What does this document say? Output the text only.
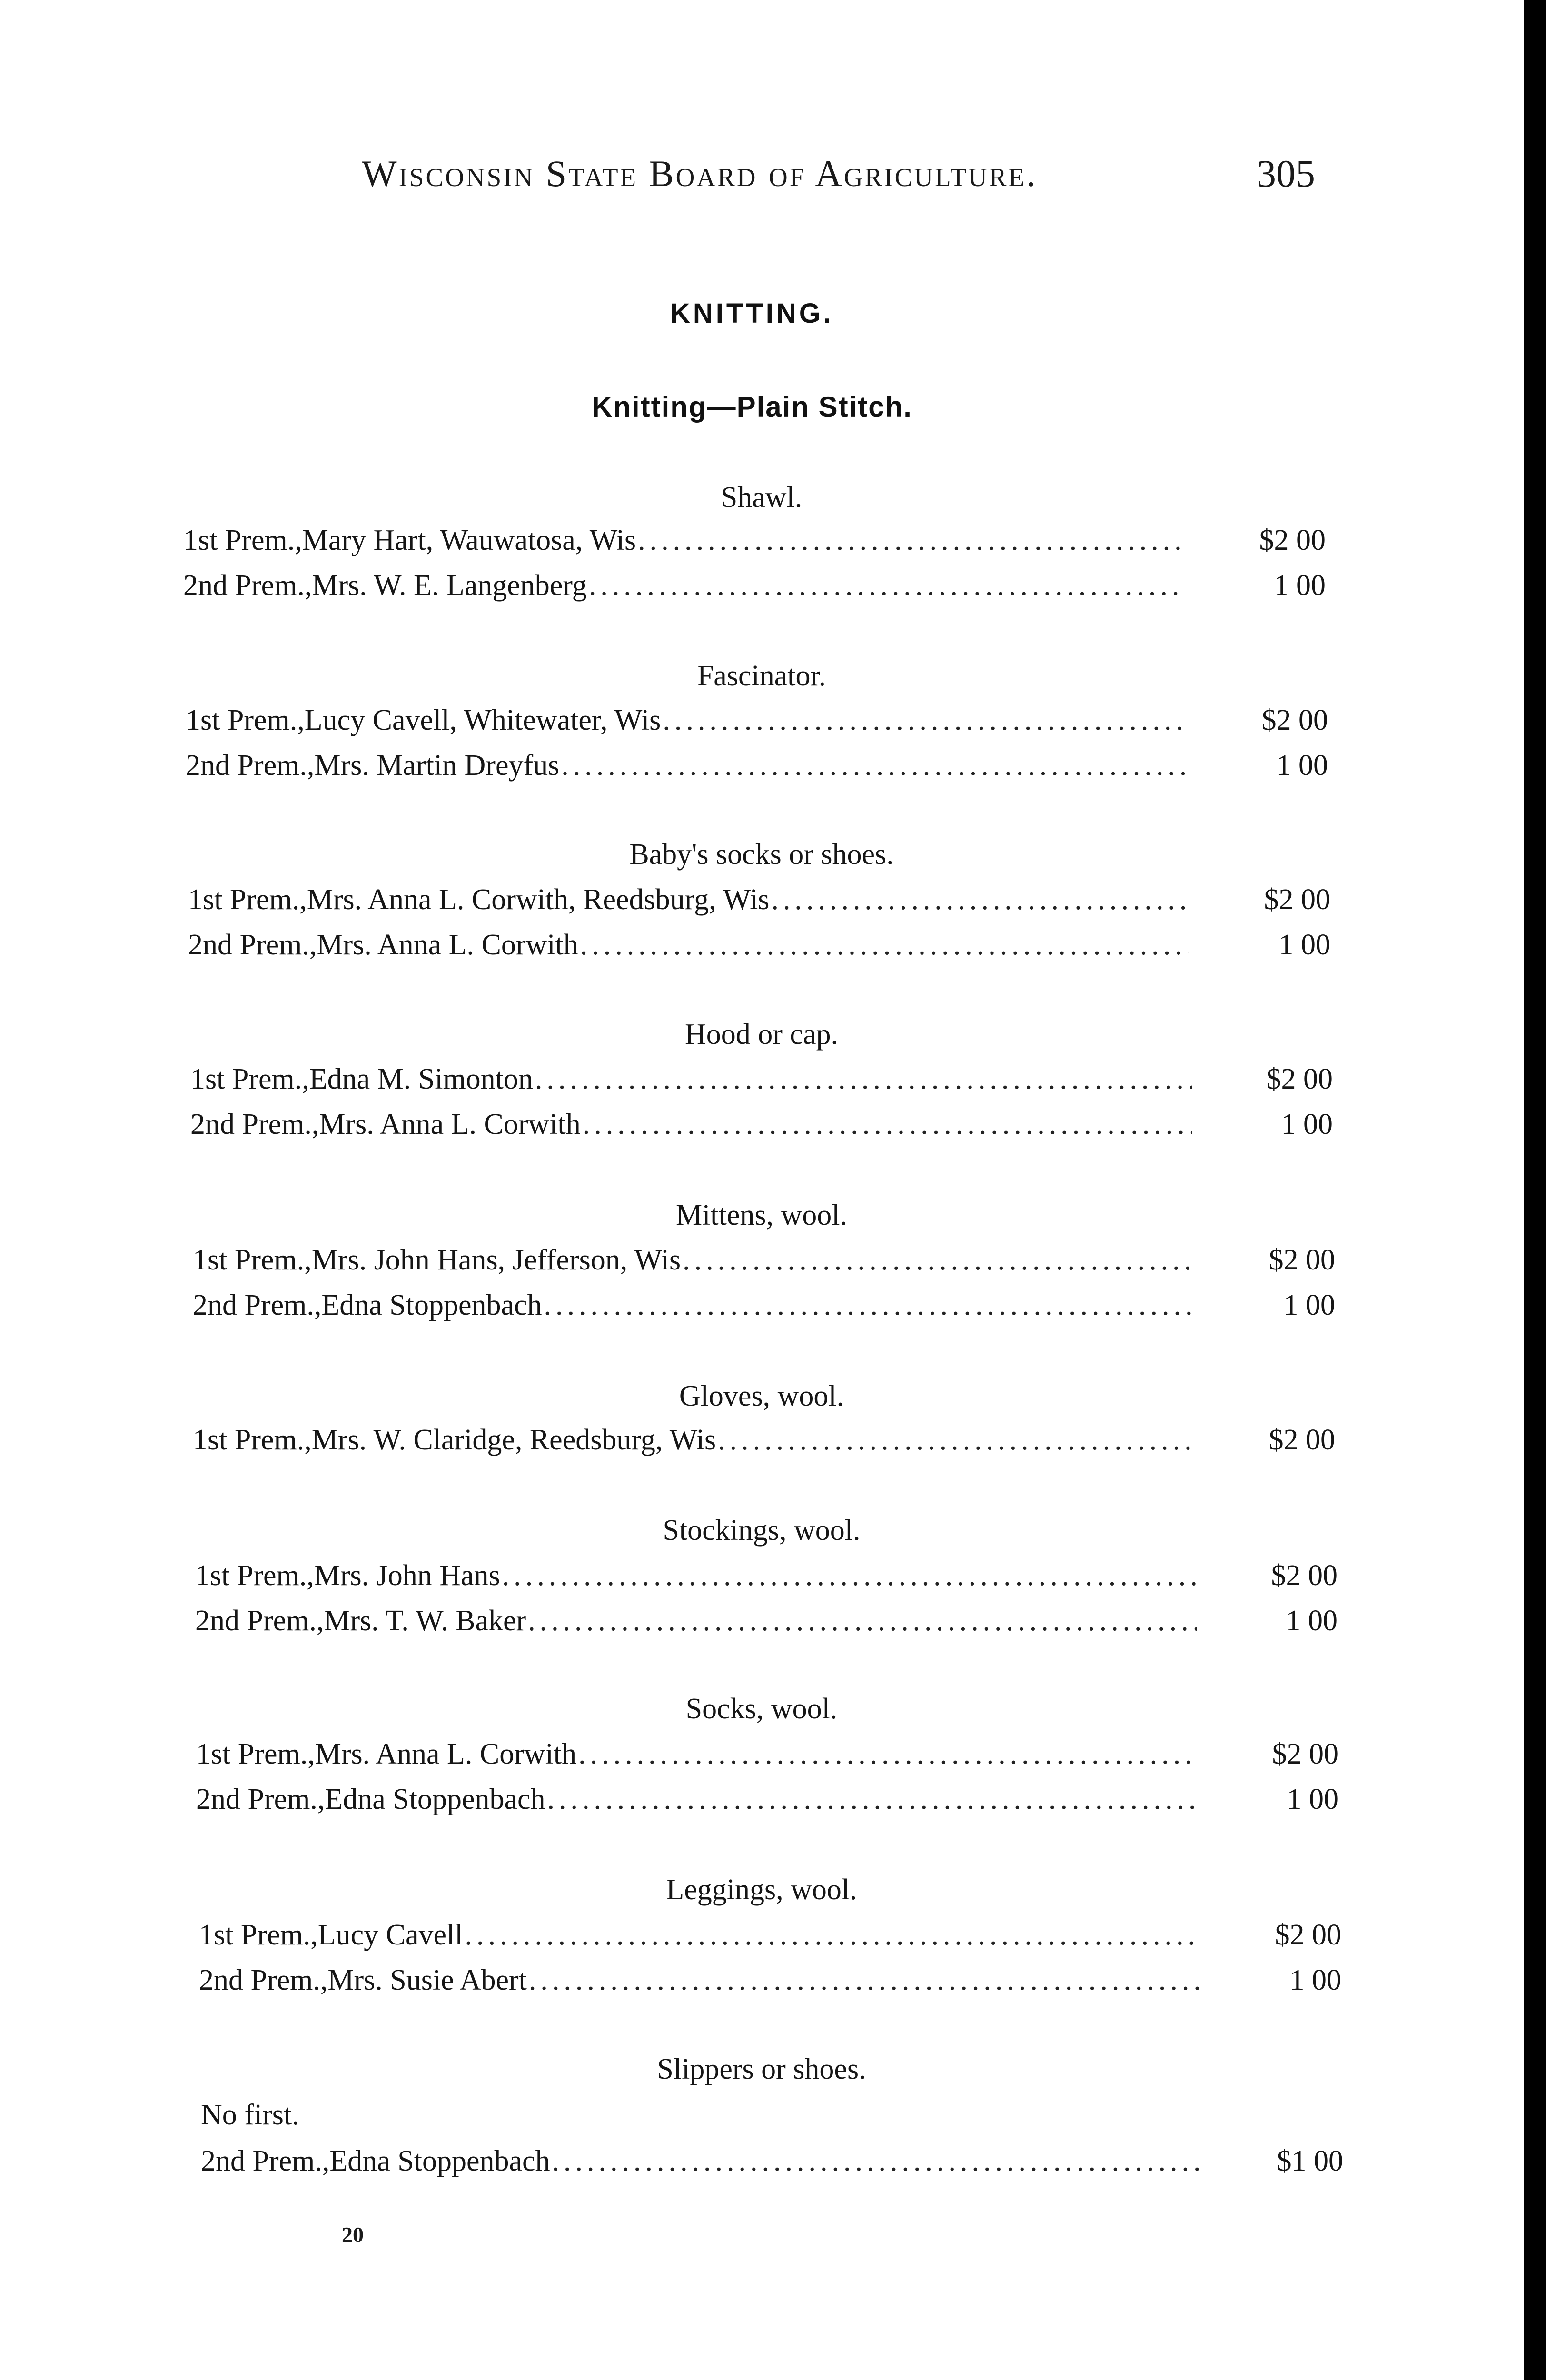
Wisconsin State Board of Agriculture.	305
KNITTING.
Knitting—Plain Stitch.
Shawl.
1st Prem., Mary Hart, Wauwatosa, Wis .....	$2 00
2nd Prem., Mrs. W. E. Langenberg .....	1 00
Fascinator.
1st Prem., Lucy Cavell, Whitewater, Wis .....	$2 00
2nd Prem., Mrs. Martin Dreyfus .....	1 00
Baby's socks or shoes.
1st Prem., Mrs. Anna L. Corwith, Reedsburg, Wis .....	$2 00
2nd Prem., Mrs. Anna L. Corwith .....	1 00
Hood or cap.
1st Prem., Edna M. Simonton .....	$2 00
2nd Prem., Mrs. Anna L. Corwith .....	1 00
Mittens, wool.
1st Prem., Mrs. John Hans, Jefferson, Wis .....	$2 00
2nd Prem., Edna Stoppenbach .....	1 00
Gloves, wool.
1st Prem., Mrs. W. Claridge, Reedsburg, Wis .....	$2 00
Stockings, wool.
1st Prem., Mrs. John Hans .....	$2 00
2nd Prem., Mrs. T. W. Baker .....	1 00
Socks, wool.
1st Prem., Mrs. Anna L. Corwith .....	$2 00
2nd Prem., Edna Stoppenbach .....	1 00
Leggings, wool.
1st Prem., Lucy Cavell .....	$2 00
2nd Prem., Mrs. Susie Abert .....	1 00
Slippers or shoes.
No first.
2nd Prem., Edna Stoppenbach .....	$1 00
20
